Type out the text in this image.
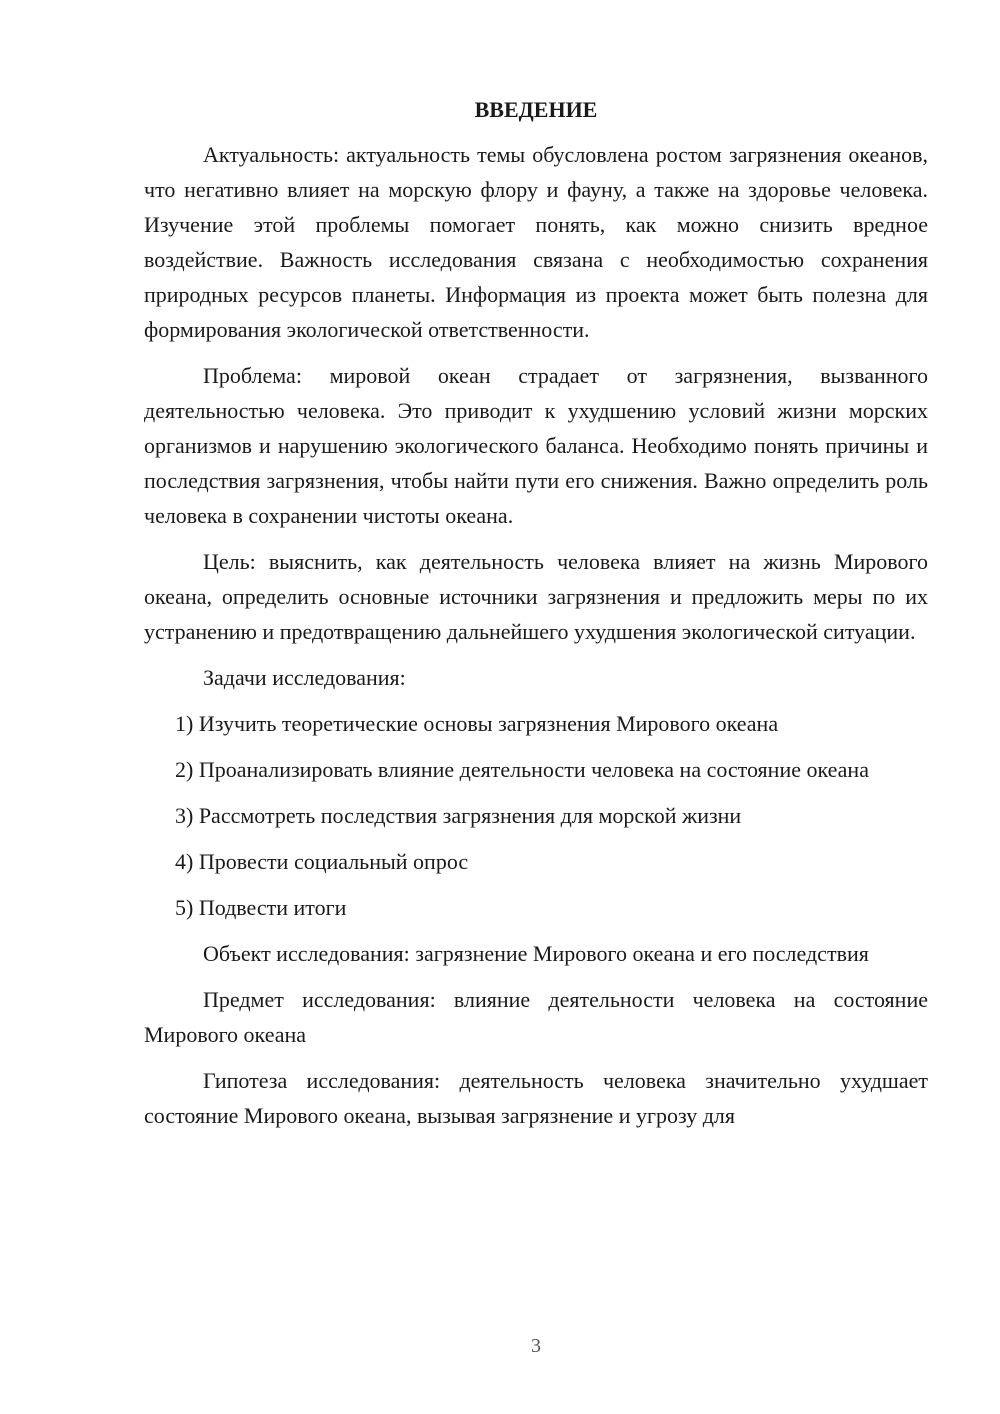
ВВЕДЕНИЕ

Актуальность: актуальность темы обусловлена ростом загрязнения океанов, что негативно влияет на морскую флору и фауну, а также на здоровье человека. Изучение этой проблемы помогает понять, как можно снизить вредное воздействие. Важность исследования связана с необходимостью сохранения природных ресурсов планеты. Информация из проекта может быть полезна для формирования экологической ответственности.

Проблема: мировой океан страдает от загрязнения, вызванного деятельностью человека. Это приводит к ухудшению условий жизни морских организмов и нарушению экологического баланса. Необходимо понять причины и последствия загрязнения, чтобы найти пути его снижения. Важно определить роль человека в сохранении чистоты океана.

Цель: выяснить, как деятельность человека влияет на жизнь Мирового океана, определить основные источники загрязнения и предложить меры по их устранению и предотвращению дальнейшего ухудшения экологической ситуации.

Задачи исследования:

1) Изучить теоретические основы загрязнения Мирового океана

2) Проанализировать влияние деятельности человека на состояние океана

3) Рассмотреть последствия загрязнения для морской жизни

4) Провести социальный опрос

5) Подвести итоги

Объект исследования: загрязнение Мирового океана и его последствия

Предмет исследования: влияние деятельности человека на состояние Мирового океана

Гипотеза исследования: деятельность человека значительно ухудшает состояние Мирового океана, вызывая загрязнение и угрозу для

3
